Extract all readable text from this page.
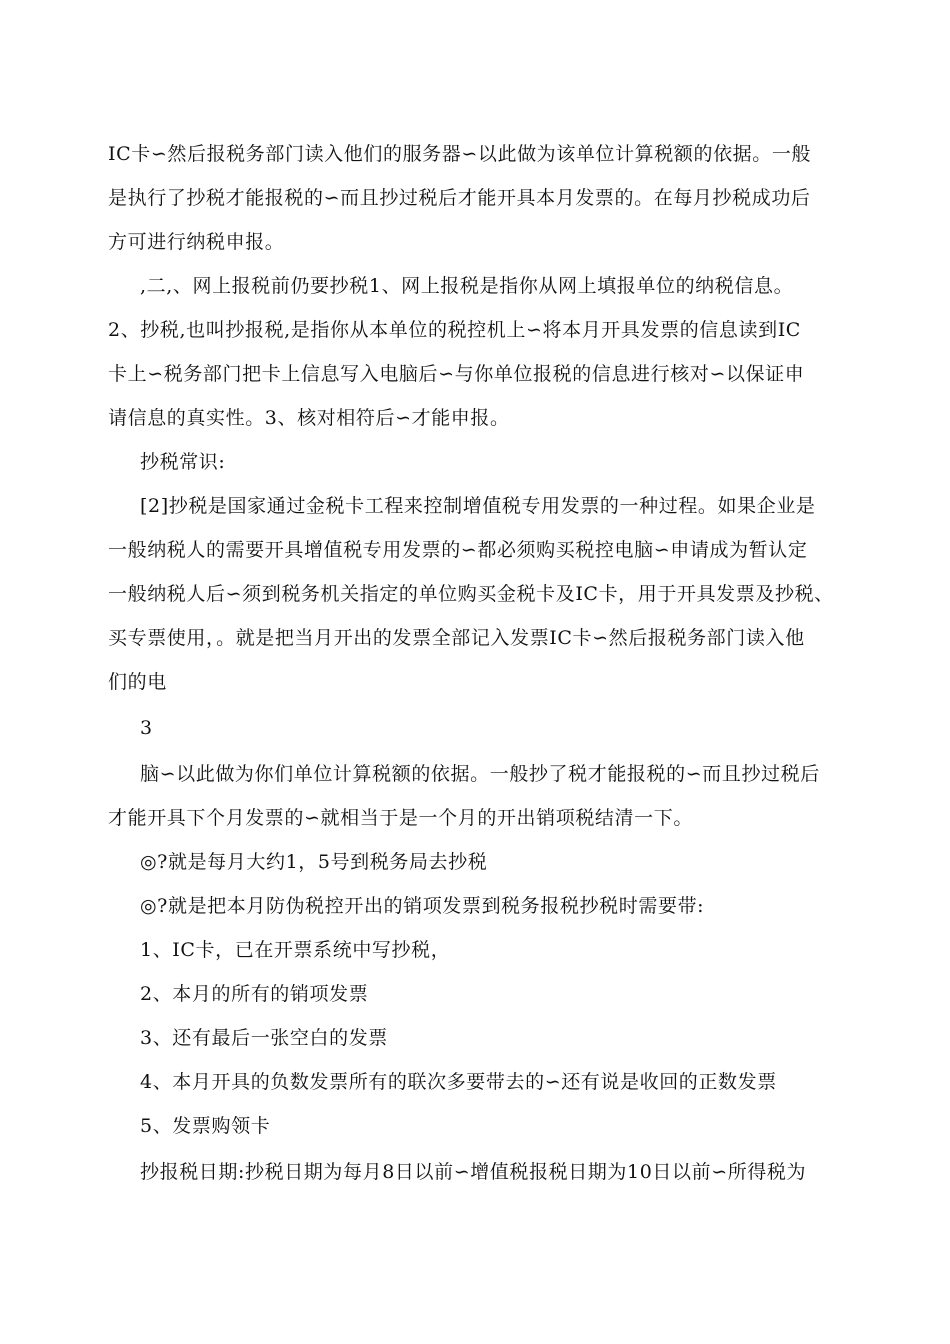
IC卡∽然后报税务部门读入他们的服务器∽以此做为该单位计算税额的依据。一般
是执行了抄税才能报税的∽而且抄过税后才能开具本月发票的。在每月抄税成功后
方可进行纳税申报。
,二,、网上报税前仍要抄税1、网上报税是指你从网上填报单位的纳税信息。
2、抄税,也叫抄报税,是指你从本单位的税控机上∽将本月开具发票的信息读到IC
卡上∽税务部门把卡上信息写入电脑后∽与你单位报税的信息进行核对∽以保证申
请信息的真实性。3、核对相符后∽才能申报。
抄税常识:
[2]抄税是国家通过金税卡工程来控制增值税专用发票的一种过程。如果企业是
一般纳税人的需要开具增值税专用发票的∽都必须购买税控电脑∽申请成为暂认定
一般纳税人后∽须到税务机关指定的单位购买金税卡及IC卡，用于开具发票及抄税、
买专票使用，。就是把当月开出的发票全部记入发票IC卡∽然后报税务部门读入他
们的电
3
脑∽以此做为你们单位计算税额的依据。一般抄了税才能报税的∽而且抄过税后
才能开具下个月发票的∽就相当于是一个月的开出销项税结清一下。
◎?就是每月大约1，5号到税务局去抄税
◎?就是把本月防伪税控开出的销项发票到税务报税抄税时需要带:
1、IC卡，已在开票系统中写抄税，
2、本月的所有的销项发票
3、还有最后一张空白的发票
4、本月开具的负数发票所有的联次多要带去的∽还有说是收回的正数发票
5、发票购领卡
抄报税日期:抄税日期为每月8日以前∽增值税报税日期为10日以前∽所得税为
